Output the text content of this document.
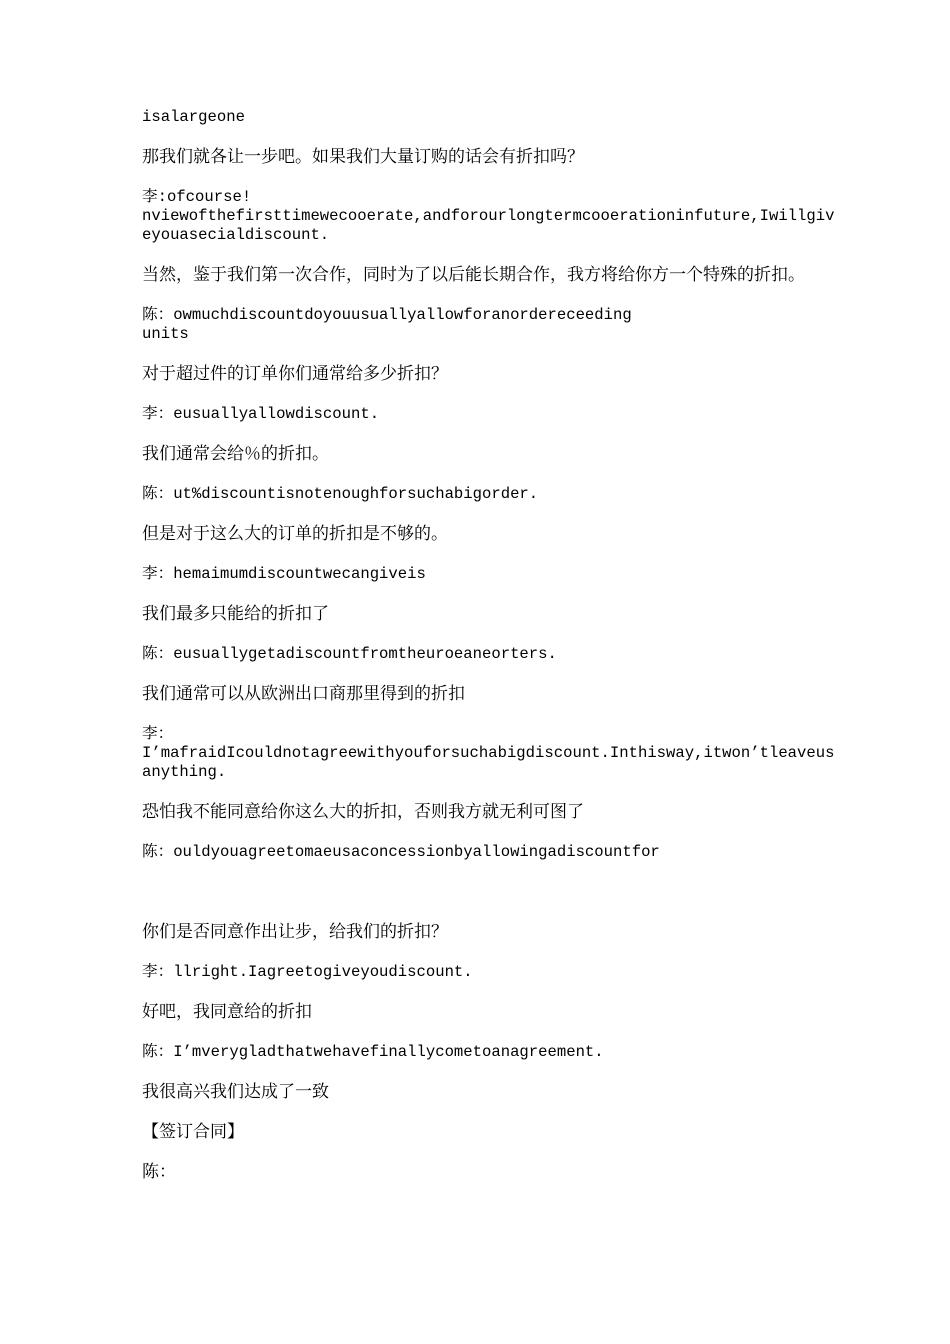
isalargeone

那我们就各让一步吧。如果我们大量订购的话会有折扣吗？

李:ofcourse!
nviewofthefirsttimewecooerate,andforourlongtermcooerationinfuture,Iwillgiveyouasecialdiscount.

当然，鉴于我们第一次合作，同时为了以后能长期合作，我方将给你方一个特殊的折扣。

陈：owmuchdiscountdoyouusuallyallowforanordereceeding
units

对于超过件的订单你们通常给多少折扣？

李：eusuallyallowdiscount.

我们通常会给％的折扣。

陈：ut%discountisnotenoughforsuchabigorder.

但是对于这么大的订单的折扣是不够的。

李：hemaimumdiscountwecangiveis

我们最多只能给的折扣了

陈：eusuallygetadiscountfromtheuroeaneorters.

我们通常可以从欧洲出口商那里得到的折扣

李：
I’mafraidIcouldnotagreewithyouforsuchabigdiscount.Inthisway,itwon’tleaveusanything.

恐怕我不能同意给你这么大的折扣，否则我方就无利可图了

陈：ouldyouagreetomaeusaconcessionbyallowingadiscountfor

你们是否同意作出让步，给我们的折扣？

李：llright.Iagreetogiveyoudiscount.

好吧，我同意给的折扣

陈：I’mverygladthatwehavefinallycometoanagreement.

我很高兴我们达成了一致

【签订合同】

陈：
